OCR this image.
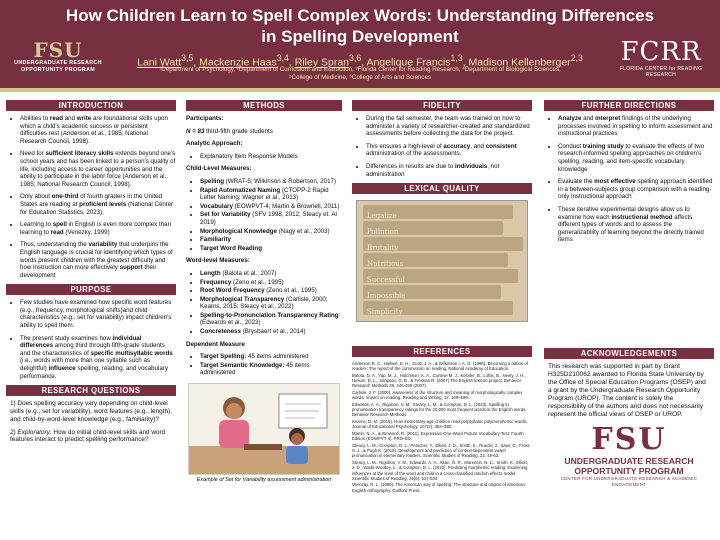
How Children Learn to Spell Complex Words: Understanding Differences in Spelling Development
Lani Watt$^{3,5}$, Mackenzie Haas$^{3,4}$, Riley Spran$^{3,6}$, Angelique Francis$^{1,3}$, Madison Kellenberger$^{2,3}$
¹Department of Psychology, ²Department of Curriculum and Instruction, ³Florida Center for Reading Research, ⁴Department of Biological Sciences,
⁵College of Medicine, ⁶College of Arts and Sciences
FSU
UNDERGRADUATE RESEARCH OPPORTUNITY PROGRAM
FCRR
FLORIDA CENTER for READING RESEARCH
INTRODUCTION
• Abilities to read and write are foundational skills upon which a child's academic success or persistent difficulties rest (Anderson et al., 1985; National Research Council, 1998).
• Need for sufficient literacy skills extends beyond one's school years and has been linked to a person's quality of life, including access to career opportunities and the ability to participate in the labor force (Anderson et al., 1985; National Research Council, 1998).
• Only about one-third of fourth graders in the United States are reading at proficient levels (National Center for Education Statistics, 2023).
• Learning to spell in English is even more complex than learning to read (Venezky, 1999)
• Thus, understanding the variability that underpins the English language is crucial for identifying which types of words present children with the greatest difficulty and how instruction can more effectively support their development
PURPOSE
• Few studies have examined how specific word features (e.g., frequency, morphological shifts)and child characteristics (e.g., set for variability) impact children's ability to spell them.
• The present study examines how individual differences among third through fifth-grade students and the characteristics of specific multisyllabic words (i.e., words with more than one syllable such as delightful) influence spelling, reading, and vocabulary performance.
RESEARCH QUESTIONS

1) Does spelling accuracy vary depending on child-level skills (e.g., set for variability), word features (e.g., length), and child-by-word-level knowledge (e.g., familiarity)?

2) Exploratory: How do initial child-level skills and word features interact to predict spelling performance?

METHODS

Participants:

N = 83 third-fifth grade students

Analytic Approach:

• Explanatory Item Response Models

Child-Level Measures:

• Spelling (WRAT-5; Wilkinson & Robertson, 2017)
• Rapid Automatized Naming (CTOPP-2 Rapid Letter Naming; Wagner et al., 2013)
• Vocabulary (EOWPVT-4; Martin & Brownell, 2011)
• Set for Variability (SFV 1998, 2012; Steacy et. Al 2019)
• Morphological Knowledge (Nagy et al., 2003)
• Familiarity
• Target Word Reading

Word-level Measures:

• Length (Balota et al., 2007)
• Frequency (Zeno et al., 1995)
• Root Word Frequency (Zeno et al., 1995)
• Morphological Transparency (Carlisle, 2000; Kearns, 2015; Steacy et al., 2022)
• Spelling-to-Pronunciation Transparency Rating (Edwards et al., 2023)
• Concreteness (Brysbaert et al., 2014)

Dependent Measure

• Target Spelling: 45 items administered
• Target Semantic Knowledge: 45 items administered
Example of Set for Variability assessment administration
FIDELITY
• During the fall semester, the team was trained on how to administer a variety of researcher-created and standardized assessments before collecting the data for the project.
• This ensures a high-level of accuracy, and consistent administration of the assessments.
• Differences in results are due to individuals, not administration
LEXICAL QUALITY
Legalize
Pollution
Brutality
Nutritious
Successful
Impossible
Simplicity
REFERENCES

Anderson R. C., Hiebert, E. H., Scott, J. A., & Wilkinson I. A. G. (1985). Becoming a nation of readers: The report of the commission on reading. National Academy of Education.

Balota, D. A., Yap, M. J., Hutchison, K. A., Cortese M. J., Kessler, B., Loftis, B., Neely, J. H., Nelson, D. L., Simpson, G. B., & Treiman R. (2007) The English lexicon project. Behavior Research Methods 39, 445-459 (2007).

Carlisle, J. F. (2000). Awareness of the structure and meaning of morphologically complex words: Impact on reading. Reading and Writing, 12, 169–190.

Edwards, A. A., Rigobon, V. M., Steacy, L. M., & Compton, D. L. (2023). Spelling to pronunciation transparency ratings for the 20,000 most frequent words in the English words. Behavior Research Methods.

Kearns, D. M. (2015). How elementary-age children read polysyllabic polymorphemic words. Journal of Educational Psychology, 107(2), 364–390.

Martin, N. A., & Brownell, R. (2011). Expressive One-Word Picture Vocabulary Test: Fourth Edition (EOWPVT-4). PRO-ED.

Steacy, L. M., Compton, D. L., Petscher, Y., Elliott, J. D., Smith, K., Rueckl, J., Sawi, O., Frost, S. J., & Pugh K. (2019). Development and prediction of context-dependent vowel pronunciation in elementary readers. Scientific Studies of Reading, 23, 49-63.

Steacy, L. M., Rigobon, V. M., Edwards, A. A., Akan, Ö. R., Marencin, N. C., Smith, K., Elliott, J. D., Wade-Woolley, L., & Compton, D. L. (2022). Predicting morphemic reading: Examining influences at the level of the word and child in a cross-classified random effects model. Scientific Studies of Reading, 26(6), 517-534.

Venezky, R. L. (1999). The American way of spelling: The structure and origins of American English orthography. Guilford Press.

FURTHER DIRECTIONS
• Analyze and interpret findings of the underlying processes involved in spelling to inform assessment and instructional practices
• Conduct training study to evaluate the effects of two research-informed spelling approaches on children's spelling, reading, and item-specific vocabulary knowledge
• Evaluate the most effective spelling approach identified in a between-subjects group comparison with a reading-only instructional approach
• These iterative experimental designs allow us to examine how each instructional method affects different types of words and to assess the generalizability of learning beyond the directly trained items
ACKNOWLEDGEMENTS

This research was supported in part by Grant H325D210062 awarded to Florida State University by the Office of Special Education Programs (OSEP) and a grant by the Undergraduate Research Opportunity Program (UROP). The content is solely the responsibility of the authors and does not necessarily represent the official views of OSEP or UROP.

FSU
UNDERGRADUATE RESEARCH
OPPORTUNITY PROGRAM
CENTER FOR UNDERGRADUATE RESEARCH & ACADEMIC ENGAGEMENT
